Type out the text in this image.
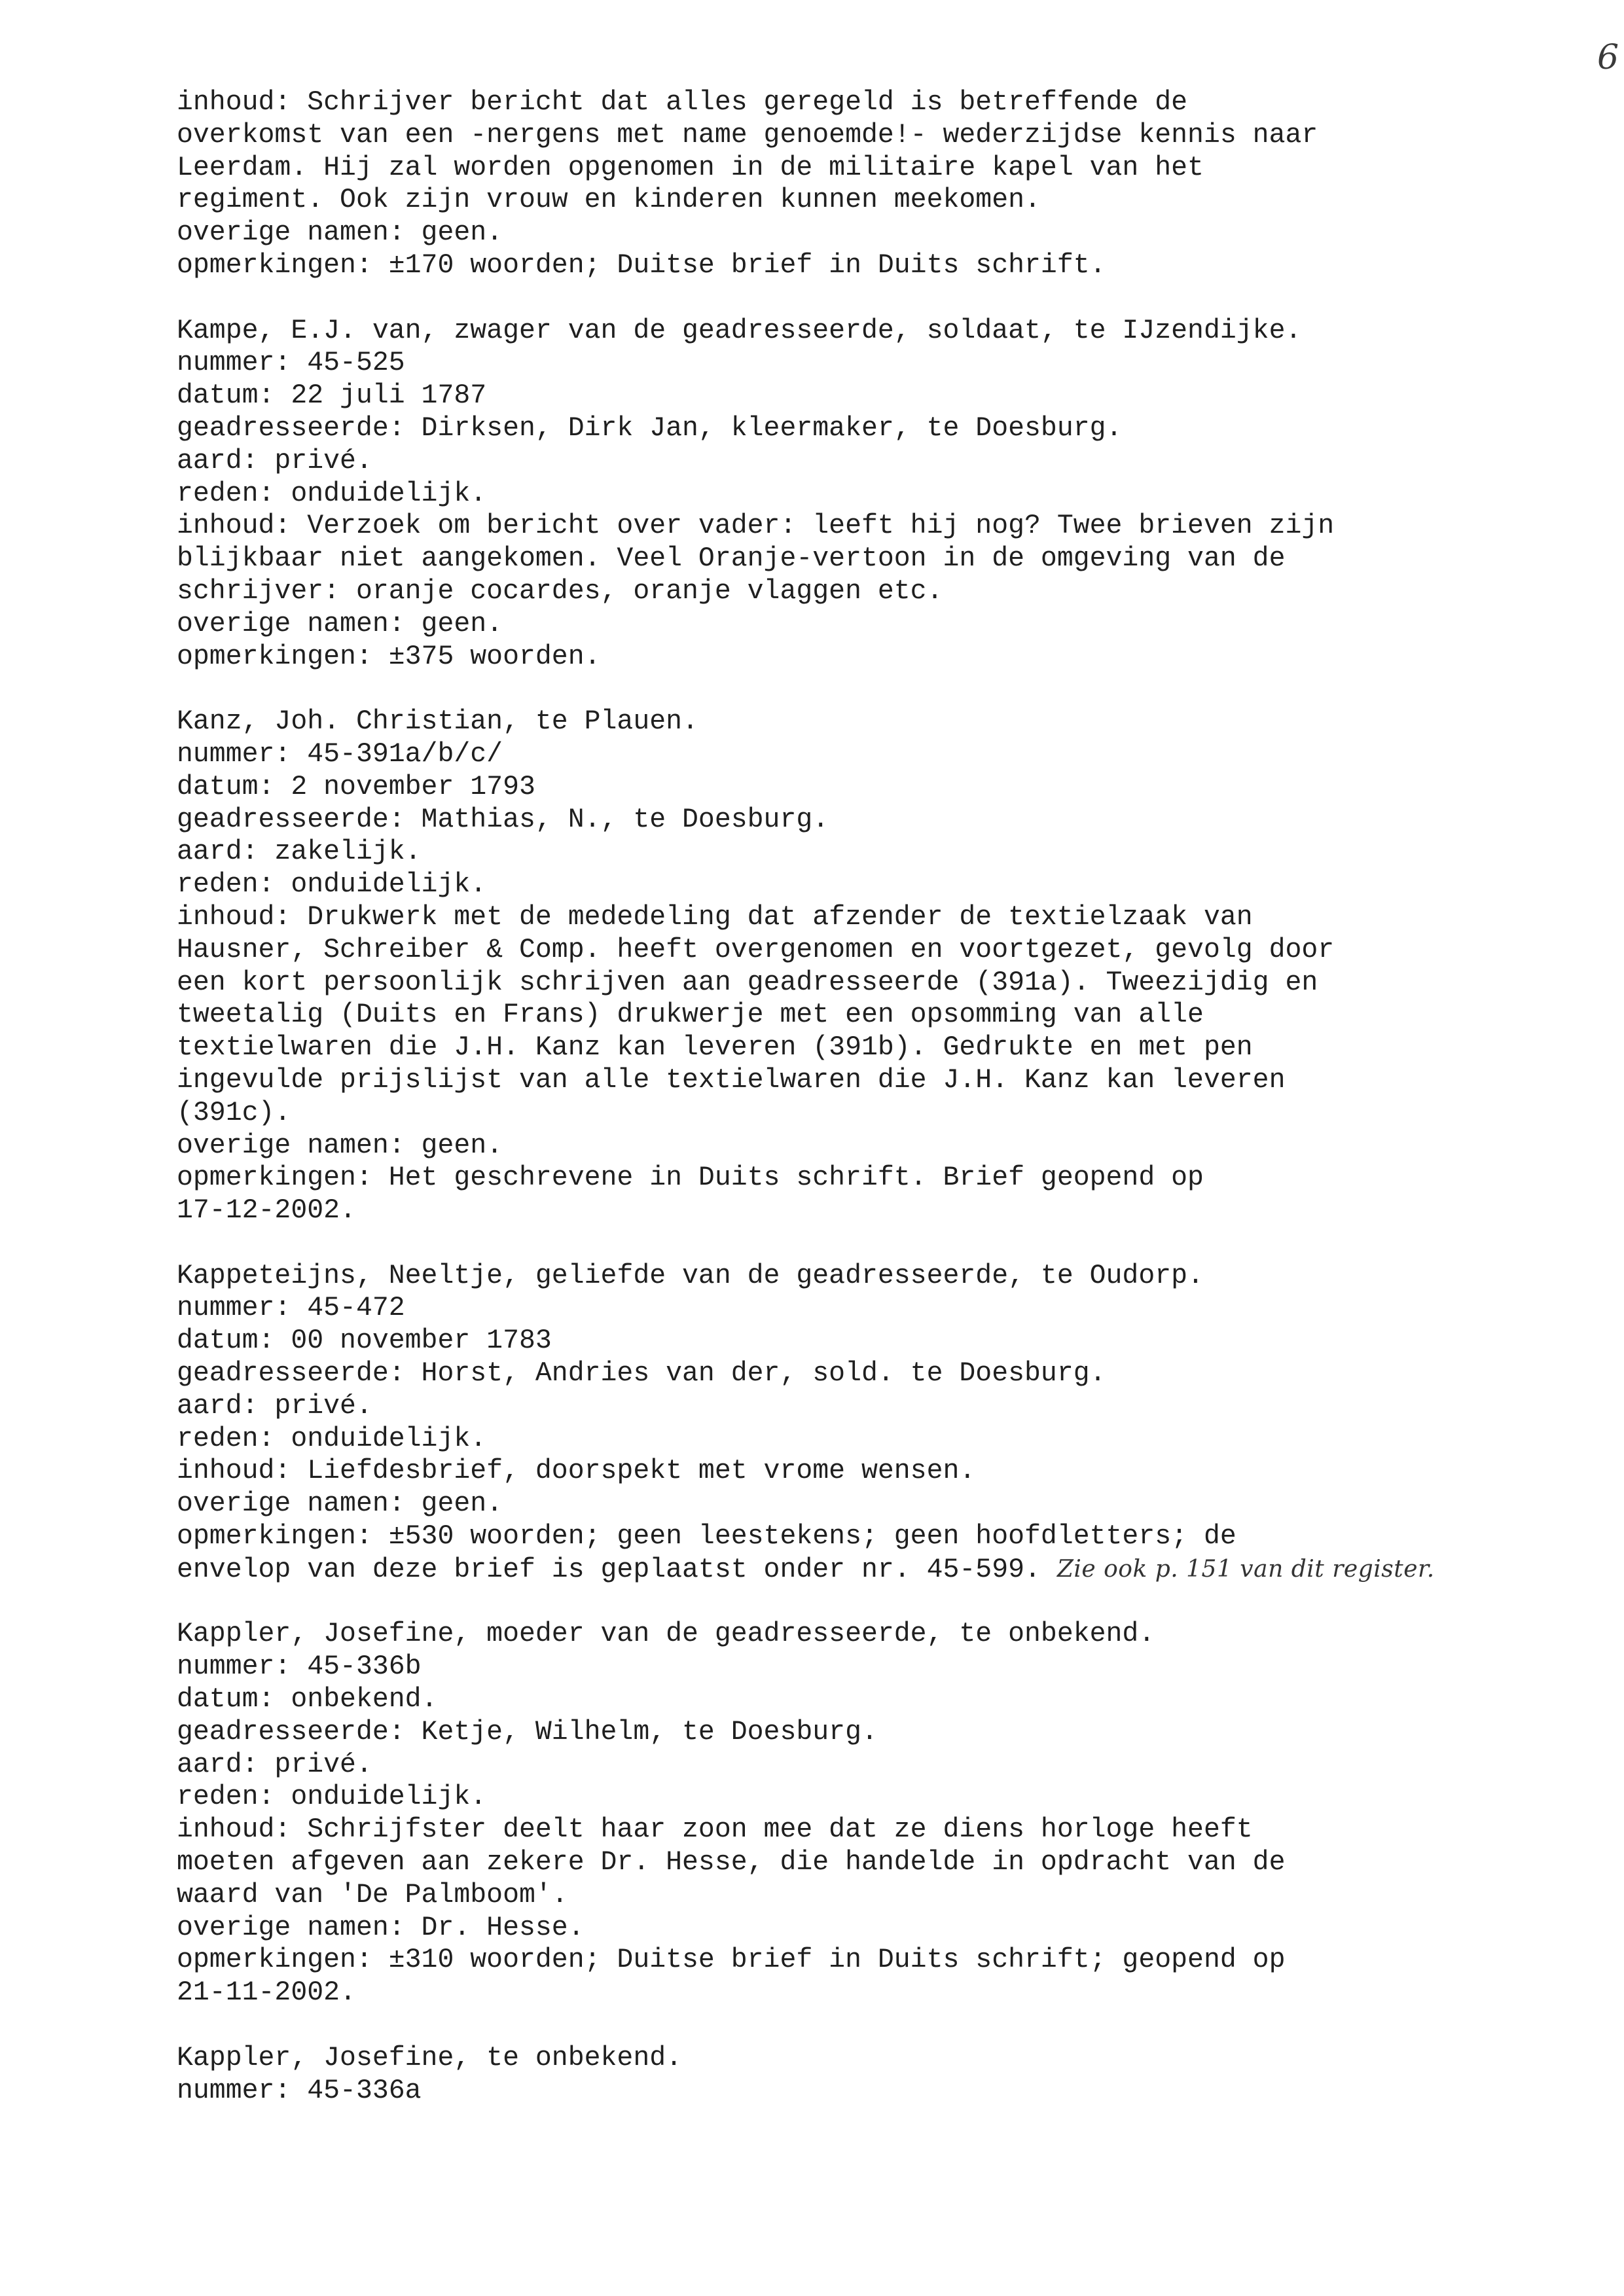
6
inhoud: Schrijver bericht dat alles geregeld is betreffende de
overkomst van een -nergens met name genoemde!- wederzijdse kennis naar
Leerdam. Hij zal worden opgenomen in de militaire kapel van het
regiment. Ook zijn vrouw en kinderen kunnen meekomen.
overige namen: geen.
opmerkingen: ±170 woorden; Duitse brief in Duits schrift.
Kampe, E.J. van, zwager van de geadresseerde, soldaat, te IJzendijke.
nummer: 45-525
datum: 22 juli 1787
geadresseerde: Dirksen, Dirk Jan, kleermaker, te Doesburg.
aard: privé.
reden: onduidelijk.
inhoud: Verzoek om bericht over vader: leeft hij nog? Twee brieven zijn
blijkbaar niet aangekomen. Veel Oranje-vertoon in de omgeving van de
schrijver: oranje cocardes, oranje vlaggen etc.
overige namen: geen.
opmerkingen: ±375 woorden.
Kanz, Joh. Christian, te Plauen.
nummer: 45-391a/b/c/
datum: 2 november 1793
geadresseerde: Mathias, N., te Doesburg.
aard: zakelijk.
reden: onduidelijk.
inhoud: Drukwerk met de mededeling dat afzender de textielzaak van
Hausner, Schreiber & Comp. heeft overgenomen en voortgezet, gevolg door
een kort persoonlijk schrijven aan geadresseerde (391a). Tweezijdig en
tweetalig (Duits en Frans) drukwerje met een opsomming van alle
textielwaren die J.H. Kanz kan leveren (391b). Gedrukte en met pen
ingevulde prijslijst van alle textielwaren die J.H. Kanz kan leveren
(391c).
overige namen: geen.
opmerkingen: Het geschrevene in Duits schrift. Brief geopend op
17-12-2002.
Kappeteijns, Neeltje, geliefde van de geadresseerde, te Oudorp.
nummer: 45-472
datum: 00 november 1783
geadresseerde: Horst, Andries van der, sold. te Doesburg.
aard: privé.
reden: onduidelijk.
inhoud: Liefdesbrief, doorspekt met vrome wensen.
overige namen: geen.
opmerkingen: ±530 woorden; geen leestekens; geen hoofdletters; de
envelop van deze brief is geplaatst onder nr. 45-599. Zie ook p. 151 van dit register.
Kappler, Josefine, moeder van de geadresseerde, te onbekend.
nummer: 45-336b
datum: onbekend.
geadresseerde: Ketje, Wilhelm, te Doesburg.
aard: privé.
reden: onduidelijk.
inhoud: Schrijfster deelt haar zoon mee dat ze diens horloge heeft
moeten afgeven aan zekere Dr. Hesse, die handelde in opdracht van de
waard van 'De Palmboom'.
overige namen: Dr. Hesse.
opmerkingen: ±310 woorden; Duitse brief in Duits schrift; geopend op
21-11-2002.
Kappler, Josefine, te onbekend.
nummer: 45-336a
